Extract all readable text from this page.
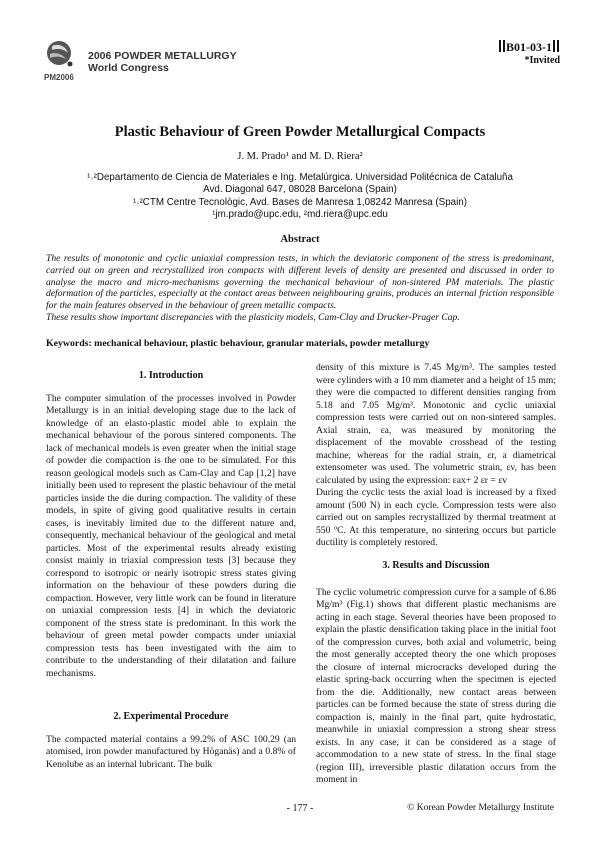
PM2006
2006 POWDER METALLURGY
World Congress
B01-03-1
*Invited
Plastic Behaviour of Green Powder Metallurgical Compacts
J. M. Prado¹ and M. D. Riera²
¹˒²Departamento de Ciencia de Materiales e Ing. Metalúrgica. Universidad Politécnica de Cataluña
Avd. Diagonal 647, 08028 Barcelona (Spain)
¹˒²CTM Centre Tecnològic, Avd. Bases de Manresa 1,08242 Manresa (Spain)
¹jm.prado@upc.edu, ²md.riera@upc.edu
Abstract

The results of monotonic and cyclic uniaxial compression tests, in which the deviatoric component of the stress is predominant, carried out on green and recrystallized iron compacts with different levels of density are presented and discussed in order to analyse the macro and micro-mechanisms governing the mechanical behaviour of non-sintered PM materials. The plastic deformation of the particles, especially at the contact areas between neighbouring grains, produces an internal friction responsible for the main features observed in the behaviour of green metallic compacts.

These results show important discrepancies with the plasticity models, Cam-Clay and Drucker-Prager Cap.

Keywords: mechanical behaviour, plastic behaviour, granular materials, powder metallurgy
1. Introduction

The computer simulation of the processes involved in Powder Metallurgy is in an initial developing stage due to the lack of knowledge of an elasto-plastic model able to explain the mechanical behaviour of the porous sintered components. The lack of mechanical models is even greater when the initial stage of powder die compaction is the one to be simulated. For this reason geological models such as Cam-Clay and Cap [1,2] have initially been used to represent the plastic behaviour of the metal particles inside the die during compaction. The validity of these models, in spite of giving good qualitative results in certain cases, is inevitably limited due to the different nature and, consequently, mechanical behaviour of the geological and metal particles. Most of the experimental results already existing consist mainly in triaxial compression tests [3] because they correspond to isotropic or nearly isotropic stress states giving information on the behaviour of these powders during die compaction. However, very little work can be found in literature on uniaxial compression tests [4] in which the deviatoric component of the stress state is predominant. In this work the behaviour of green metal powder compacts under uniaxial compression tests has been investigated with the aim to contribute to the understanding of their dilatation and failure mechanisms.

2. Experimental Procedure

The compacted material contains a 99.2% of ASC 100.29 (an atomised, iron powder manufactured by Höganäs) and a 0.8% of Kenolube as an internal lubricant. The bulk

density of this mixture is 7.45 Mg/m³. The samples tested were cylinders with a 10 mm diameter and a height of 15 mm; they were die compacted to different densities ranging from 5.18 and 7.05 Mg/m³. Monotonic and cyclic uniaxial compression tests were carried out on non-sintered samples. Axial strain, εa, was measured by monitoring the displacement of the movable crosshead of the testing machine, whereas for the radial strain, εr, a diametrical extensometer was used. The volumetric strain, εv, has been calculated by using the expression: εax+ 2 εr = εv

During the cyclic tests the axial load is increased by a fixed amount (500 N) in each cycle. Compression tests were also carried out on samples recrystallized by thermal treatment at 550 ºC. At this temperature, no sintering occurs but particle ductility is completely restored.

3. Results and Discussion

The cyclic volumetric compression curve for a sample of 6.86 Mg/m³ (Fig.1) shows that different plastic mechanisms are acting in each stage. Several theories have been proposed to explain the plastic densification taking place in the initial foot of the compression curves, both axial and volumetric, being the most generally accepted theory the one which proposes the closure of internal microcracks developed during the elastic spring-back occurring when the specimen is ejected from the die. Additionally, new contact areas between particles can be formed because the state of stress during die compaction is, mainly in the final part, quite hydrostatic, meanwhile in uniaxial compression a strong shear stress exists. In any case, it can be considered as a stage of accommodation to a new state of stress. In the final stage (region III), irreversible plastic dilatation occurs from the moment in

- 177 -	© Korean Powder Metallurgy Institute
